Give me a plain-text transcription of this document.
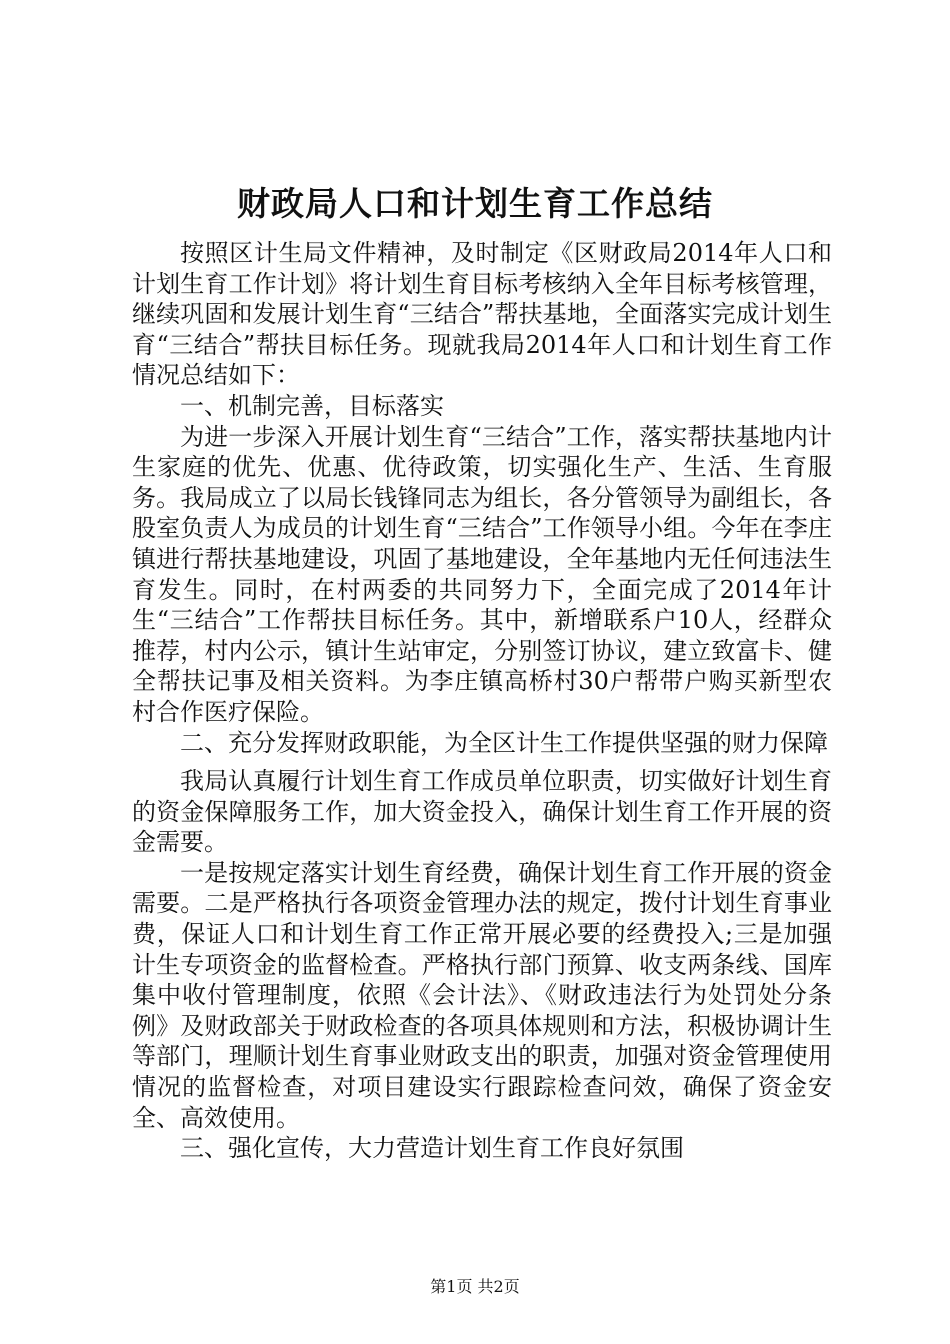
财政局人口和计划生育工作总结

按照区计生局文件精神，及时制定《区财政局2014年人口和计划生育工作计划》将计划生育目标考核纳入全年目标考核管理，继续巩固和发展计划生育“三结合”帮扶基地，全面落实完成计划生育“三结合”帮扶目标任务。现就我局2014年人口和计划生育工作情况总结如下：

一、机制完善，目标落实

为进一步深入开展计划生育“三结合”工作，落实帮扶基地内计生家庭的优先、优惠、优待政策，切实强化生产、生活、生育服务。我局成立了以局长钱锋同志为组长，各分管领导为副组长，各股室负责人为成员的计划生育“三结合”工作领导小组。今年在李庄镇进行帮扶基地建设，巩固了基地建设，全年基地内无任何违法生育发生。同时，在村两委的共同努力下，全面完成了2014年计生“三结合”工作帮扶目标任务。其中，新增联系户10人，经群众推荐，村内公示，镇计生站审定，分别签订协议，建立致富卡、健全帮扶记事及相关资料。为李庄镇高桥村30户帮带户购买新型农村合作医疗保险。

二、充分发挥财政职能，为全区计生工作提供坚强的财力保障

我局认真履行计划生育工作成员单位职责，切实做好计划生育的资金保障服务工作，加大资金投入，确保计划生育工作开展的资金需要。

一是按规定落实计划生育经费，确保计划生育工作开展的资金需要。二是严格执行各项资金管理办法的规定，拨付计划生育事业费，保证人口和计划生育工作正常开展必要的经费投入;三是加强计生专项资金的监督检查。严格执行部门预算、收支两条线、国库集中收付管理制度，依照《会计法》、《财政违法行为处罚处分条例》及财政部关于财政检查的各项具体规则和方法，积极协调计生等部门，理顺计划生育事业财政支出的职责，加强对资金管理使用情况的监督检查，对项目建设实行跟踪检查问效，确保了资金安全、高效使用。

三、强化宣传，大力营造计划生育工作良好氛围

第1页 共2页
